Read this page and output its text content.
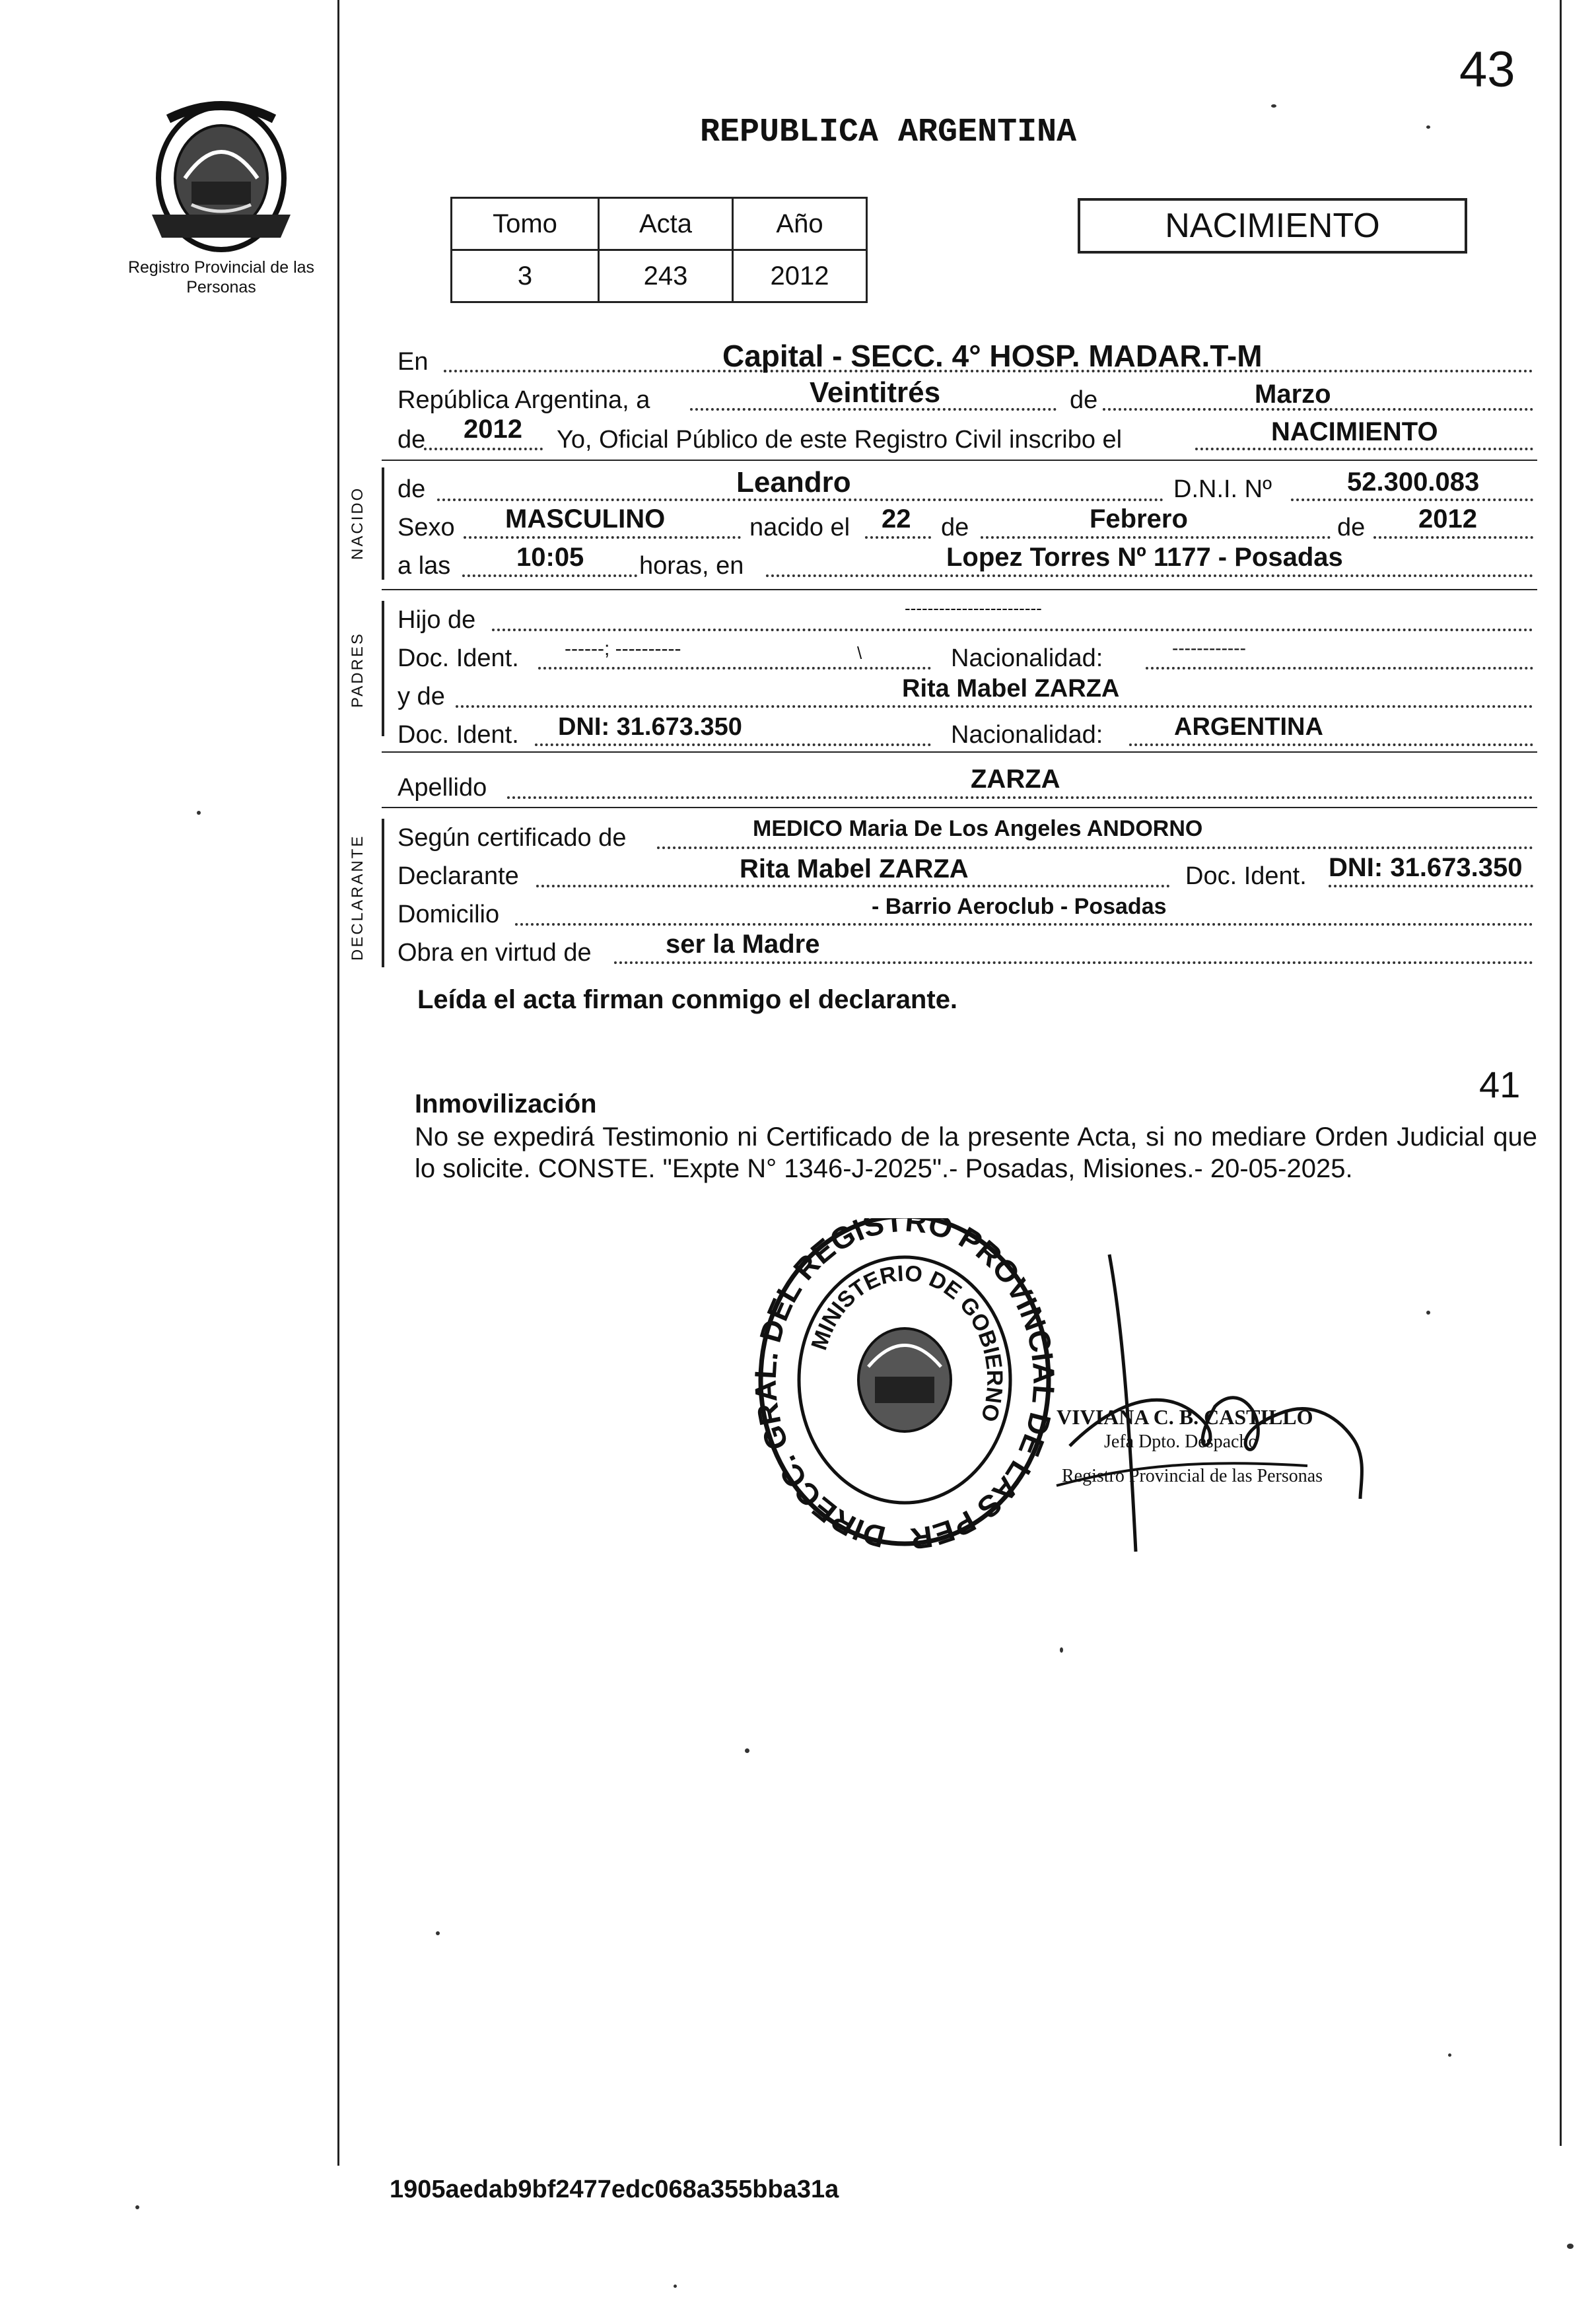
43
Registro Provincial de las Personas
REPUBLICA ARGENTINA
Tomo	Acta	Año
3	243	2012
NACIMIENTO
En	Capital - SECC. 4° HOSP. MADAR.T-M
República Argentina, a	Veintitrés	de	Marzo
de 2012 Yo, Oficial Público de este Registro Civil inscribo el	NACIMIENTO
NACIDO de	Leandro	D.N.I. Nº	52.300.083
Sexo MASCULINO	nacido el 22 de	Febrero	de 2012
a las 10:05 horas, en	Lopez Torres Nº 1177 - Posadas
PADRES
Hijo de	------------------------
Doc. Ident. ------; ----------	\	Nacionalidad:	------------
y de	Rita Mabel ZARZA
Doc. Ident. DNI: 31.673.350	Nacionalidad:	ARGENTINA
Apellido	ZARZA
DECLARANTE Según certificado de	MEDICO Maria De Los Angeles ANDORNO
Declarante	Rita Mabel ZARZA	Doc. Ident. DNI: 31.673.350
Domicilio	- Barrio Aeroclub - Posadas
Obra en virtud de	ser la Madre
Leída el acta firman conmigo el declarante.
41
Inmovilización
No se expedirá Testimonio ni Certificado de la presente Acta, si no mediare Orden Judicial que lo solicite. CONSTE. "Expte N° 1346-J-2025".- Posadas, Misiones.- 20-05-2025.
DIRECC. GR . DEL REGISTRO PROVINC DE LAS PER
MINISTERIO DE GOBIERNO VIVIANA C. B. CASTILLO
Jefa Dpto. Despacho
Registro Provincial de las Personas
1905aedab9bf2477edc068a355bba31a
